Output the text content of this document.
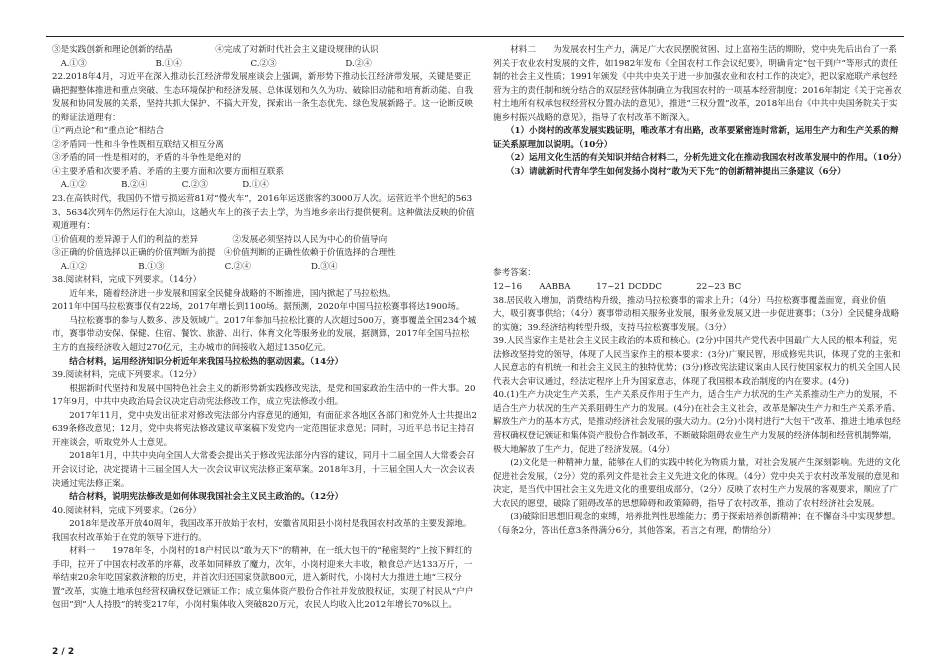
③是实践创新和理论创新的结晶　　　　　④完成了对新时代社会主义建设规律的认识
　A.①③　　　　　　　　B.①④　　　　　　　　C.②③　　　　　　　　D.②④
22.2018年4月，习近平在深入推动长江经济带发展座谈会上强调，新形势下推动长江经济带发展，关键是要正确把握整体推进和重点突破、生态环境保护和经济发展、总体谋划和久久为功、破除旧动能和培育新动能、自我发展和协同发展的关系，坚持共抓大保护、不搞大开发，探索出一条生态优先、绿色发展新路子。这一论断反映的辩证法道理有：
①“两点论”和“重点论”相结合
②矛盾同一性和斗争性既相互联结又相互分离
③矛盾的同一性是相对的，矛盾的斗争性是绝对的
④主要矛盾和次要矛盾、矛盾的主要方面和次要方面相互联系
　A.①②　　　　B.②④　　　　C.②③　　　　D.①④
23.在高铁时代，我国仍不惜亏损运营81对“慢火车”，2016年运送旅客约3000万人次。运营近半个世纪的5633、5634次列车仍然运行在大凉山，这趟火车上的孩子去上学，为当地乡亲出行提供便利。这种做法反映的价值观道理有：
①价值观的差异源于人们的利益的差异　　　　②发展必须坚持以人民为中心的价值导向
③正确的价值选择以正确的价值判断为前提　④价值判断的正确性依赖于价值选择的合理性
　A.①②　　　　　　B.①③　　　　　　　C.②④　　　　　　　D.③④
38.阅读材料，完成下列要求。（14分）
　　近年来，随着经济进一步发展和国家全民健身战略的不断推进，国内掀起了马拉松热。
2011年中国马拉松赛事仅有22场，2017年增长到1100场。据预测，2020年中国马拉松赛事将达1900场。
　　马拉松赛事的参与人数多、涉及领域广。2017年参加马拉松比赛的人次超过500万，赛事覆盖全国234个城市，赛事带动安保、保健、住宿、餐饮、旅游、出行、体育文化等服务业的发展，据测算，2017年全国马拉松主方的直接经济收入超过270亿元，主办城市的间接收入超过1350亿元。
　　结合材料，运用经济知识分析近年来我国马拉松热的驱动因素。（14分）
39.阅读材料，完成下列要求。（12分）
　　根据新时代坚持和发展中国特色社会主义的新形势新实践修改宪法，是党和国家政治生活中的一件大事。2017年9月，中共中央政治局会议决定启动宪法修改工作，成立宪法修改小组。
　　2017年11月，党中央发出征求对修改宪法部分内容意见的通知，有面征求各地区各部门和党外人士共提出2639条修改意见；12月，党中央将宪法修改建议草案稿下发党内一定范围征求意见；同时，习近平总书记主持召开座谈会，听取党外人士意见。
　　2018年1月，中共中央向全国人大常委会提出关于修改宪法部分内容的建议，同月十二届全国人大常委会召开会议讨论，决定提请十三届全国人大一次会议审议宪法修正案草案。2018年3月，十三届全国人大一次会议表决通过宪法修正案。
　　结合材料，说明宪法修改是如何体现我国社会主义民主政治的。（12分）
40.阅读材料，完成下列要求。（26分）
　　2018年是改革开放40周年，我国改革开放始于农村，安徽省凤阳县小岗村是我国农村改革的主要发源地。我国农村改革始于在党的领导下进行的。
　　材料一　　1978年冬，小岗村的18户村民以“敢为天下”的精神，在一纸大包干的“秘密契约”上按下鲜红的手印，拉开了中国农村改革的序幕，改革如同释放了魔力，次年，小岗村迎来大丰收，粮食总产达133万斤，一举结束20余年吃国家救济粮的历史，并首次归还国家贷款800元，进入新时代，小岗村大力推进土地“三权分置”改革，实施土地承包经营权确权登记颁证工作；成立集体资产股份合作社并发放股权证，实现了村民从“户户包田”到“人人持股”的转变217年，小岗村集体收入突破820万元，农民人均收入比2012年增长70%以上。
　　材料二　　为发展农村生产力，满足广大农民摆脱贫困、过上富裕生活的期盼，党中央先后出台了一系列关于农业农村发展的文件，如1982年发布《全国农村工作会议纪要》，明确肯定“包干到户”等形式的责任制的社会主义性质；1991年颁发《中共中央关于进一步加强农业和农村工作的决定》，把以家庭联产承包经营为主的责任制和统分结合的双层经营体制确立为我国农村的一项基本经营制度；2016年制定《关于完善农村土地所有权承包权经营权分置办法的意见》，推进“三权分置”改革，2018年出台《中共中央国务院关于实施乡村振兴战略的意见》，指导了农村改革不断深入。
　　（1）小岗村的改革发展实践证明，唯改革才有出路，改革要紧密连时常新，运用生产力和生产关系的辩证关系原理加以说明。（10分）
　　（2）运用文化生活的有关知识并结合材料二，分析先进文化在推动我国农村改革发展中的作用。（10分）
　　（3）请就新时代青年学生如何发扬小岗村“敢为天下先”的创新精神提出三条建议（6分）
参考答案：
12~16　　AABBA　　　17~21 DCDDC　　　　22~23 BC
38.居民收入增加，消费结构升级，推动马拉松赛事的需求上升；（4分）马拉松赛事覆盖面宽，商业价值大，吸引赛事供给；（4分）赛事带动相关服务业发展，服务业发展又进一步促进赛事；（3分）全民健身战略的实施；39.经济结构转型升级，支持马拉松赛事发展。（3分）
39.人民当家作主是社会主义民主政治的本质和核心。(2分)中国共产党代表中国最广大人民的根本利益，宪法修改坚持党的领导，体现了人民当家作主的根本要求：(3分)广聚民智，形成修宪共识，体现了党的主张和人民意志的有机统一和社会主义民主的独特优势；(3分)修改宪法建议案由人民行使国家权力的机关全国人民代表大会审议通过，经法定程序上升为国家意志，体现了我国根本政治制度的内在要求。(4分)
40.(1)生产力决定生产关系，生产关系反作用于生产力，适合生产力状况的生产关系推动生产力的发展，不适合生产力状况的生产关系阻碍生产力的发展。(4分)在社会主义社会，改革是解决生产力和生产关系矛盾、解放生产力的基本方式，是推动经济社会发展的强大动力。(2分)小岗村进行“大包干”改革、推进土地承包经营权确权登记颁证和集体资产股份合作制改革，不断破除阻碍农业生产力发展的经济体制和经营机制弊端，极大地解放了生产力，促进了经济发展。（4分）
　　(2)文化是一种精神力量，能够在人们的实践中转化为物质力量，对社会发展产生深刻影响。先进的文化促进社会发展，（2分）党的系列文件是社会主义先进文化的体现。（4分）党中央关于农村改革发展的意见和决定，是当代中国社会主义先进文化的重要组成部分，（2分）反映了农村生产力发展的客观要求，顺应了广大农民的愿望，破除了阻碍改革的思想障碍和政策障碍，指导了农村改革，推动了农村经济社会发展。
　　(3)破除旧思想旧观念的束缚，培养批判性思维能力；勇于探索培养创新精神；在不懈奋斗中实现梦想。（每条2分，答出任意3条得满分6分，其他答案，若言之有理，酌情给分）
2 / 2
